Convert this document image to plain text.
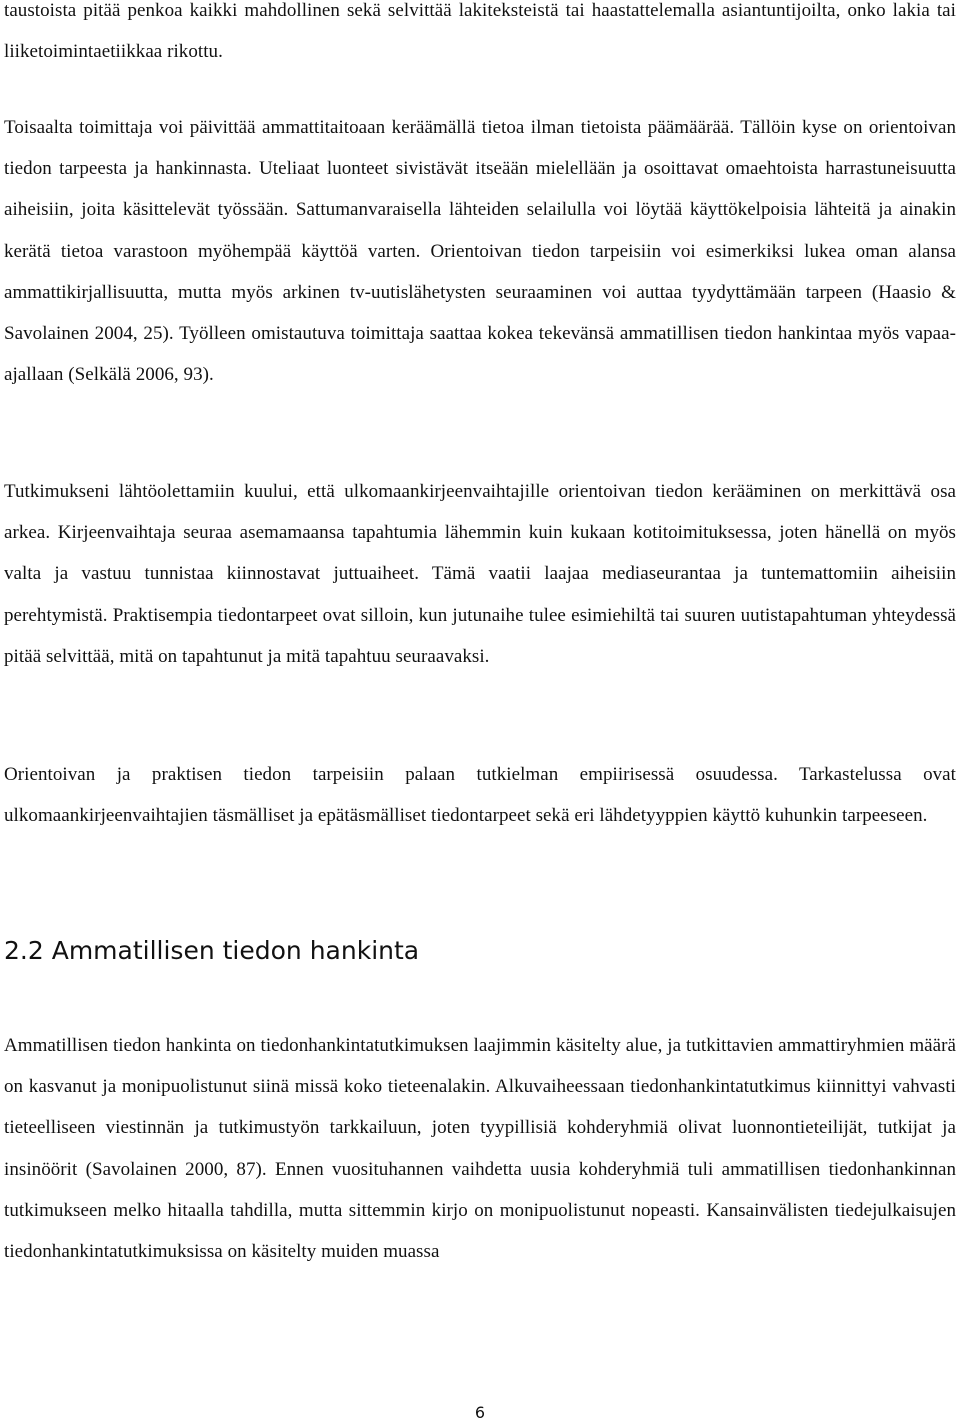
taustoista pitää penkoa kaikki mahdollinen sekä selvittää lakiteksteistä tai haastattelemalla asiantuntijoilta, onko lakia tai liiketoimintaetiikkaa rikottu.

Toisaalta toimittaja voi päivittää ammattitaitoaan keräämällä tietoa ilman tietoista päämäärää. Tällöin kyse on orientoivan tiedon tarpeesta ja hankinnasta. Uteliaat luonteet sivistävät itseään mielellään ja osoittavat omaehtoista harrastuneisuutta aiheisiin, joita käsittelevät työssään. Sattumanvaraisella lähteiden selailulla voi löytää käyttökelpoisia lähteitä ja ainakin kerätä tietoa varastoon myöhempää käyttöä varten. Orientoivan tiedon tarpeisiin voi esimerkiksi lukea oman alansa ammattikirjallisuutta, mutta myös arkinen tv-uutislähetysten seuraaminen voi auttaa tyydyttämään tarpeen (Haasio & Savolainen 2004, 25). Työlleen omistautuva toimittaja saattaa kokea tekevänsä ammatillisen tiedon hankintaa myös vapaa-ajallaan (Selkälä 2006, 93).

Tutkimukseni lähtöolettamiin kuului, että ulkomaankirjeenvaihtajille orientoivan tiedon kerääminen on merkittävä osa arkea. Kirjeenvaihtaja seuraa asemamaansa tapahtumia lähemmin kuin kukaan kotitoimituksessa, joten hänellä on myös valta ja vastuu tunnistaa kiinnostavat juttuaiheet. Tämä vaatii laajaa mediaseurantaa ja tuntemattomiin aiheisiin perehtymistä. Praktisempia tiedontarpeet ovat silloin, kun jutunaihe tulee esimiehiltä tai suuren uutistapahtuman yhteydessä pitää selvittää, mitä on tapahtunut ja mitä tapahtuu seuraavaksi.

Orientoivan ja praktisen tiedon tarpeisiin palaan tutkielman empiirisessä osuudessa. Tarkastelussa ovat ulkomaankirjeenvaihtajien täsmälliset ja epätäsmälliset tiedontarpeet sekä eri lähdetyyppien käyttö kuhunkin tarpeeseen.

2.2 Ammatillisen tiedon hankinta

Ammatillisen tiedon hankinta on tiedonhankintatutkimuksen laajimmin käsitelty alue, ja tutkittavien ammattiryhmien määrä on kasvanut ja monipuolistunut siinä missä koko tieteenalakin. Alkuvaiheessaan tiedonhankintatutkimus kiinnittyi vahvasti tieteelliseen viestinnän ja tutkimustyön tarkkailuun, joten tyypillisiä kohderyhmiä olivat luonnontieteilijät, tutkijat ja insinöörit (Savolainen 2000, 87). Ennen vuosituhannen vaihdetta uusia kohderyhmiä tuli ammatillisen tiedonhankinnan tutkimukseen melko hitaalla tahdilla, mutta sittemmin kirjo on monipuolistunut nopeasti. Kansainvälisten tiedejulkaisujen tiedonhankintatutkimuksissa on käsitelty muiden muassa

6
